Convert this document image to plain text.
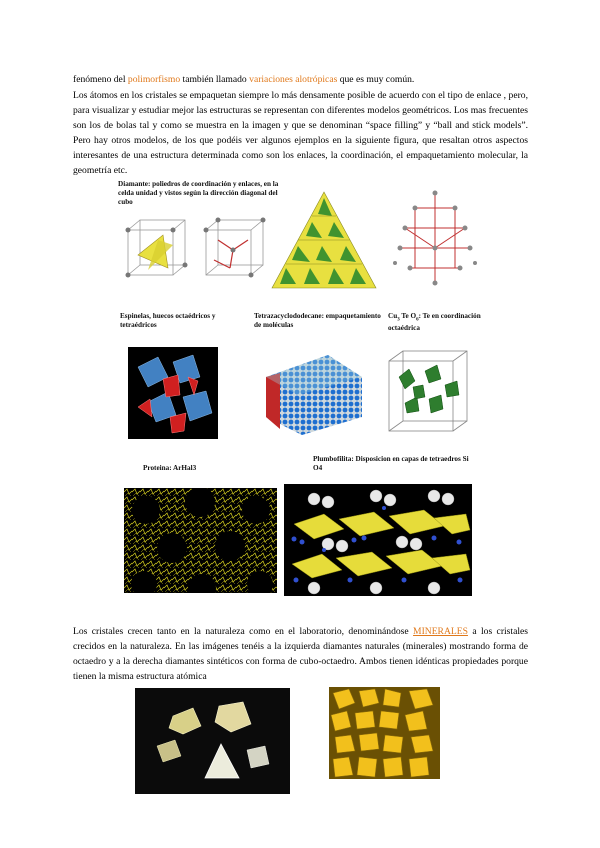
fenómeno del polimorfismo también llamado variaciones alotrópicas que es muy común.

Los átomos en los cristales se empaquetan siempre lo más densamente posible de acuerdo con el tipo de enlace , pero, para visualizar y estudiar mejor las estructuras se representan con diferentes modelos geométricos. Los mas frecuentes son los de bolas tal y como se muestra en la imagen y que se denominan “space filling” y “ball and stick models”. Pero hay otros modelos, de los que podéis ver algunos ejemplos en la siguiente figura, que resaltan otros aspectos interesantes de una estructura determinada como son los enlaces, la coordinación, el empaquetamiento molecular, la geometría etc.

Diamante: poliedros de coordinación y enlaces, en la celda unidad y vistos según la dirección diagonal del cubo

Espinelas, huecos octaédricos y tetraédricos

Tetrazacyclododecane: empaquetamiento de moléculas

$Cu_3$ Te $O_6$: Te en coordinación octaédrica

Proteina: ArHal3

Plumbofilita: Disposicion en capas de tetraedros Si O4

Los cristales crecen tanto en la naturaleza como en el laboratorio, denominándose MINERALES a los cristales crecidos en la naturaleza. En las imágenes tenéis a la izquierda diamantes naturales (minerales) mostrando forma de octaedro y a la derecha diamantes sintéticos con forma de cubo-octaedro. Ambos tienen idénticas propiedades porque tienen la misma estructura atómica
